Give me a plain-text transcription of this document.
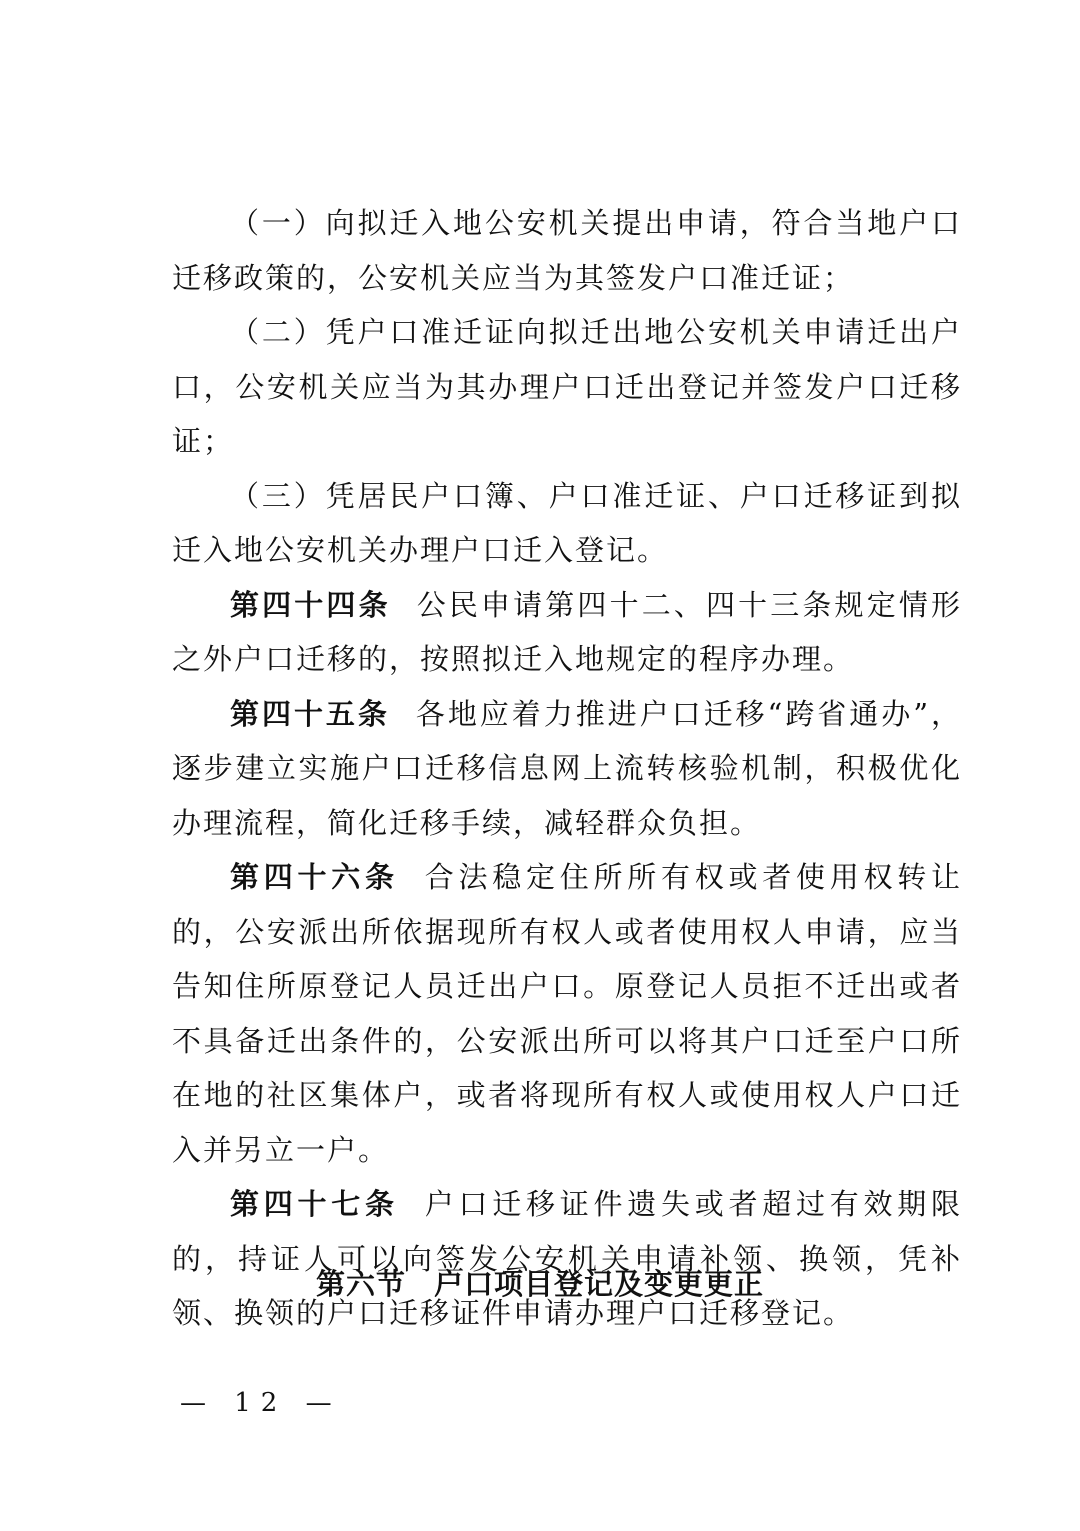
（一）向拟迁入地公安机关提出申请，符合当地户口迁移政策的，公安机关应当为其签发户口准迁证；

（二）凭户口准迁证向拟迁出地公安机关申请迁出户口，公安机关应当为其办理户口迁出登记并签发户口迁移证；

（三）凭居民户口簿、户口准迁证、户口迁移证到拟迁入地公安机关办理户口迁入登记。

第四十四条 公民申请第四十二、四十三条规定情形之外户口迁移的，按照拟迁入地规定的程序办理。

第四十五条 各地应着力推进户口迁移“跨省通办”，逐步建立实施户口迁移信息网上流转核验机制，积极优化办理流程，简化迁移手续，减轻群众负担。

第四十六条 合法稳定住所所有权或者使用权转让的，公安派出所依据现所有权人或者使用权人申请，应当告知住所原登记人员迁出户口。原登记人员拒不迁出或者不具备迁出条件的，公安派出所可以将其户口迁至户口所在地的社区集体户，或者将现所有权人或使用权人户口迁入并另立一户。

第四十七条 户口迁移证件遗失或者超过有效期限的，持证人可以向签发公安机关申请补领、换领，凭补领、换领的户口迁移证件申请办理户口迁移登记。

第六节 户口项目登记及变更更正
— 12 —
